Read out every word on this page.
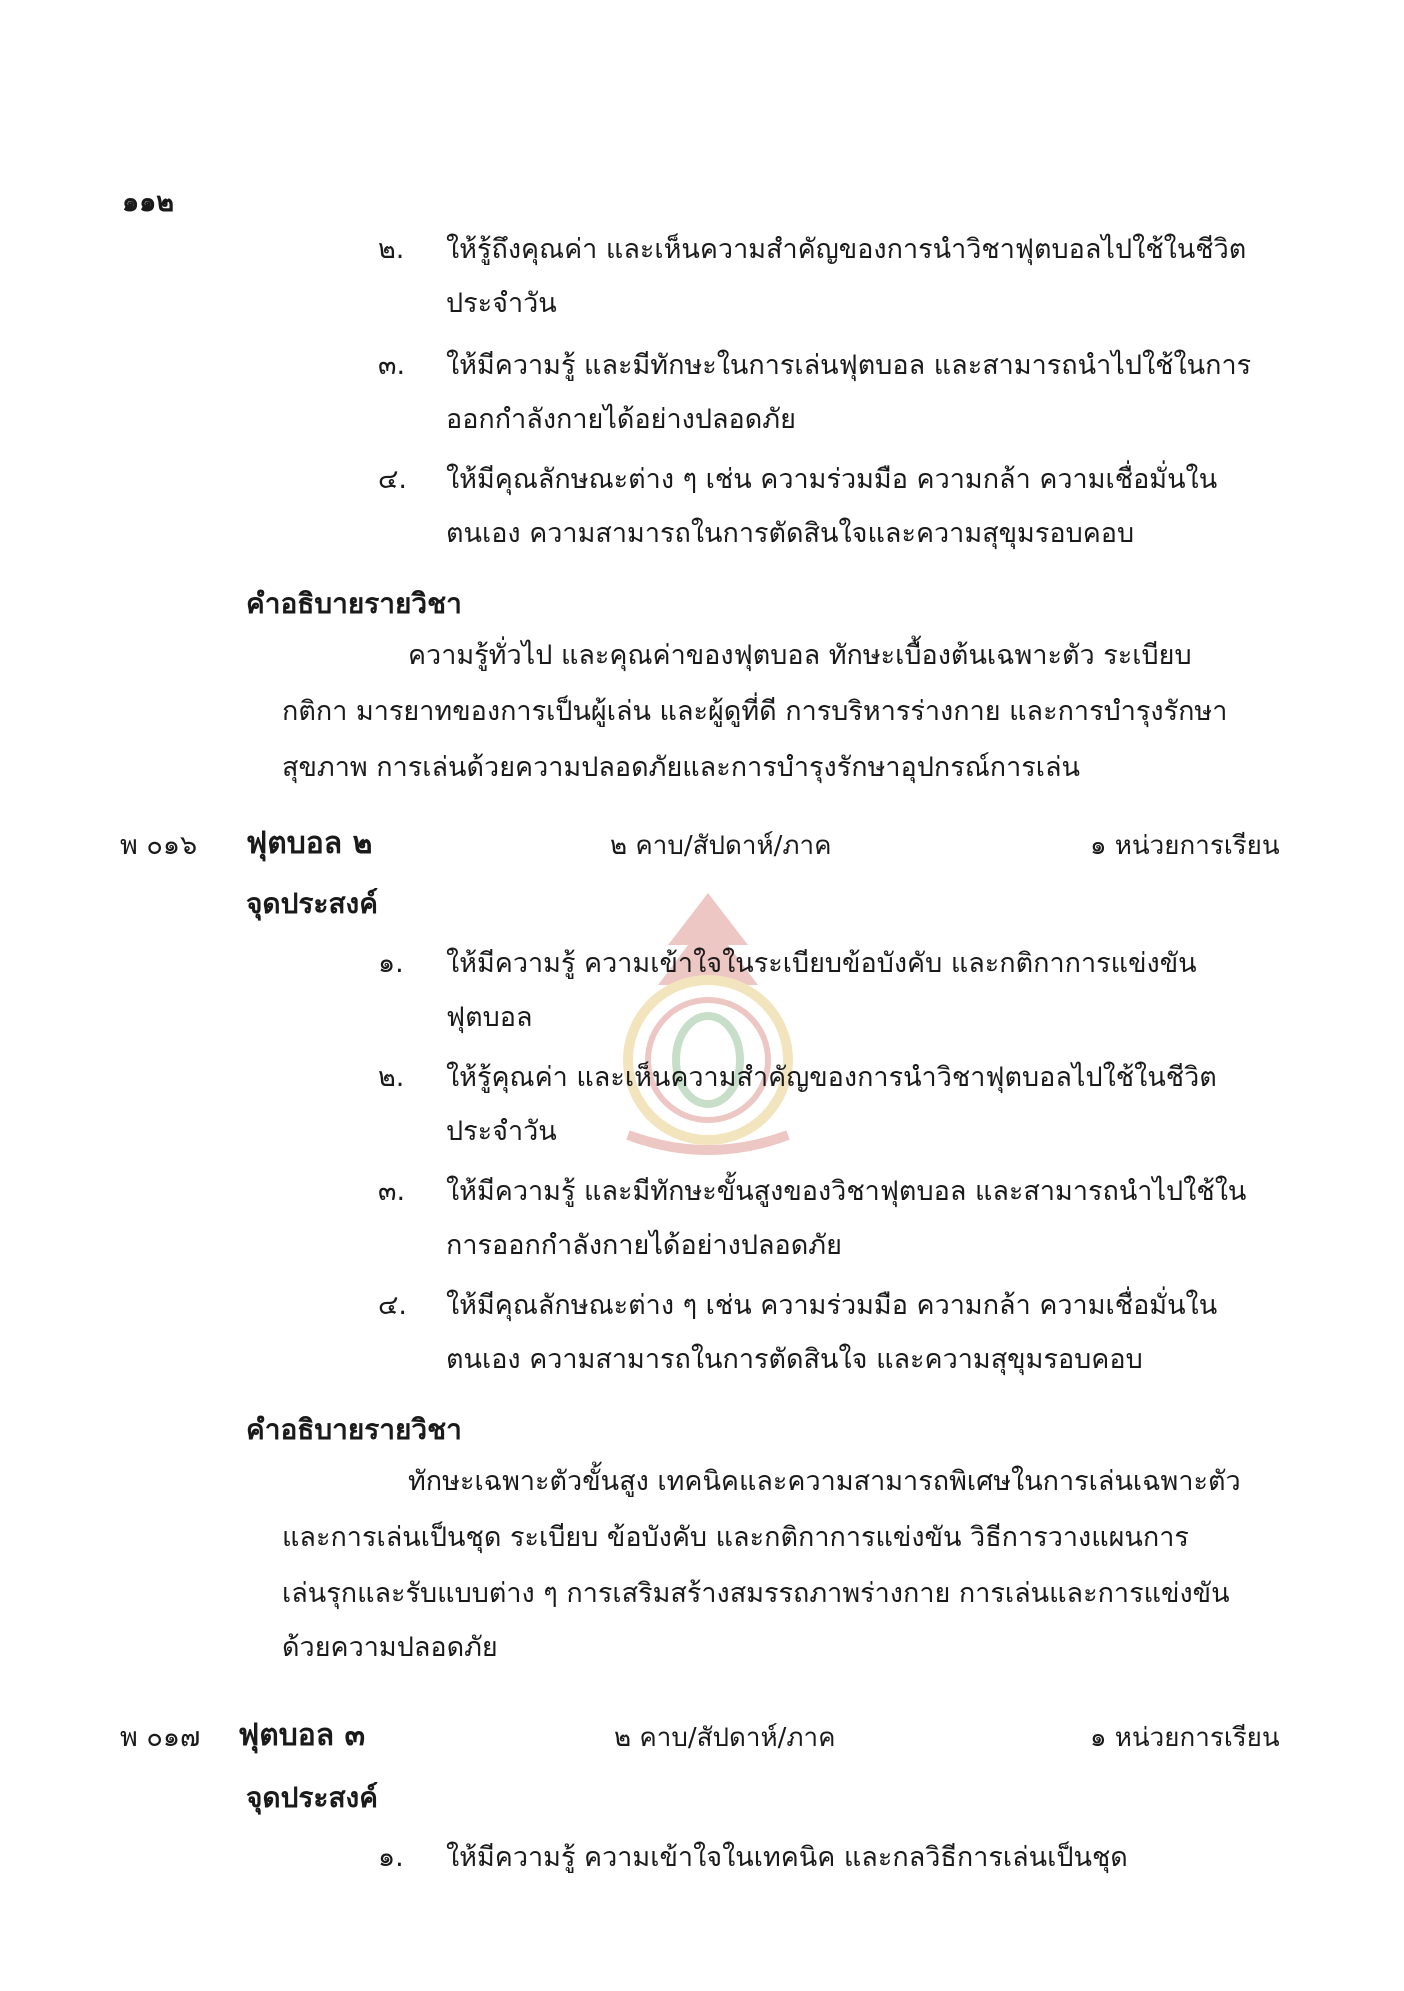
๑๑๒
๒. ให้รู้ถึงคุณค่า และเห็นความสำคัญของการนำวิชาฟุตบอลไปใช้ในชีวิต
ประจำวัน
๓. ให้มีความรู้ และมีทักษะในการเล่นฟุตบอล และสามารถนำไปใช้ในการ
ออกกำลังกายได้อย่างปลอดภัย
๔. ให้มีคุณลักษณะต่าง ๆ เช่น ความร่วมมือ ความกล้า ความเชื่อมั่นใน
ตนเอง ความสามารถในการตัดสินใจและความสุขุมรอบคอบ
คำอธิบายรายวิชา
ความรู้ทั่วไป และคุณค่าของฟุตบอล ทักษะเบื้องต้นเฉพาะตัว ระเบียบ
กติกา มารยาทของการเป็นผู้เล่น และผู้ดูที่ดี การบริหารร่างกาย และการบำรุงรักษา
สุขภาพ การเล่นด้วยความปลอดภัยและการบำรุงรักษาอุปกรณ์การเล่น
พ ๐๑๖ ฟุตบอล ๒	๒ คาบ/สัปดาห์/ภาค	๑ หน่วยการเรียน
จุดประสงค์
๑. ให้มีความรู้ ความเข้าใจในระเบียบข้อบังคับ และกติกาการแข่งขัน
ฟุตบอล
๒. ให้รู้คุณค่า และเห็นความสำคัญของการนำวิชาฟุตบอลไปใช้ในชีวิต
ประจำวัน
๓. ให้มีความรู้ และมีทักษะขั้นสูงของวิชาฟุตบอล และสามารถนำไปใช้ใน
การออกกำลังกายได้อย่างปลอดภัย
๔. ให้มีคุณลักษณะต่าง ๆ เช่น ความร่วมมือ ความกล้า ความเชื่อมั่นใน
ตนเอง ความสามารถในการตัดสินใจ และความสุขุมรอบคอบ
คำอธิบายรายวิชา
ทักษะเฉพาะตัวขั้นสูง เทคนิคและความสามารถพิเศษในการเล่นเฉพาะตัว
และการเล่นเป็นชุด ระเบียบ ข้อบังคับ และกติกาการแข่งขัน วิธีการวางแผนการ
เล่นรุกและรับแบบต่าง ๆ การเสริมสร้างสมรรถภาพร่างกาย การเล่นและการแข่งขัน
ด้วยความปลอดภัย
พ ๐๑๗ ฟุตบอล ๓	๒ คาบ/สัปดาห์/ภาค	๑ หน่วยการเรียน
จุดประสงค์
๑. ให้มีความรู้ ความเข้าใจในเทคนิค และกลวิธีการเล่นเป็นชุด
